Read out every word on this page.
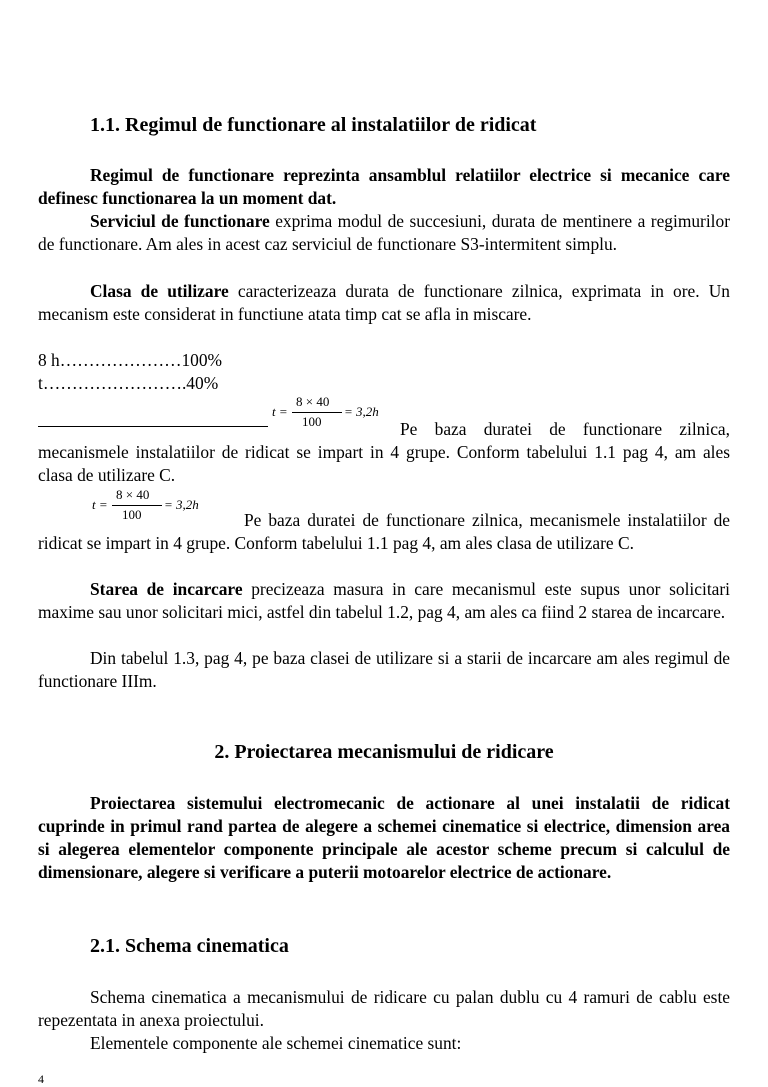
1.1. Regimul de functionare al instalatiilor de ridicat

Regimul de functionare reprezinta ansamblul relatiilor electrice si mecanice care definesc functionarea la un moment dat.

Serviciul de functionare exprima modul de succesiuni, durata de mentinere a regimurilor de functionare. Am ales in acest caz serviciul de functionare S3-intermitent simplu.

Clasa de utilizare caracterizeaza durata de functionare zilnica, exprimata in ore. Un mecanism este considerat in functiune atata timp cat se afla in miscare.

8 h…………………100%
t…………………….40%
t =
8 × 40
100
= 3,2h

Pe baza duratei de functionare zilnica, mecanismele instalatiilor de ridicat se impart in 4 grupe. Conform tabelului 1.1 pag 4, am ales clasa de utilizare C.

t =
8 × 40
100
= 3,2h

Pe baza duratei de functionare zilnica, mecanismele instalatiilor de ridicat se impart in 4 grupe. Conform tabelului 1.1 pag 4, am ales clasa de utilizare C.

Starea de incarcare precizeaza masura in care mecanismul este supus unor solicitari maxime sau unor solicitari mici, astfel din tabelul 1.2, pag 4, am ales ca fiind 2 starea de incarcare.

Din tabelul 1.3, pag 4, pe baza clasei de utilizare si a starii de incarcare am ales regimul de functionare IIIm.

2. Proiectarea mecanismului de ridicare

Proiectarea sistemului electromecanic de actionare al unei instalatii de ridicat cuprinde in primul rand partea de alegere a schemei cinematice si electrice, dimension area si alegerea elementelor componente principale ale acestor scheme precum si calculul de dimensionare, alegere si verificare a puterii motoarelor electrice de actionare.

2.1. Schema cinematica

Schema cinematica a mecanismului de ridicare cu palan dublu cu 4 ramuri de cablu este repezentata in anexa proiectului.

Elementele componente ale schemei cinematice sunt:

4
